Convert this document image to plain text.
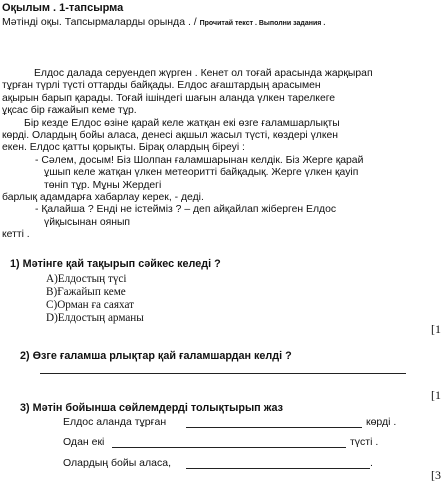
Оқылым . 1-тапсырма
Мәтінді оқы. Тапсырмаларды орында . / Прочитай текст . Выполни задания .
Елдос далада серуендеп жүрген . Кенет ол тоғай арасында жарқырап
тұрған түрлі түсті оттарды байқады. Елдос ағаштардың арасымен
ақырын барып қарады. Тоғай ішіндегі шағын аланда үлкен тарелкеге
ұқсас бір ғажайып кеме тұр.
Бір кезде Елдос өзіне қарай келе жатқан екі өзге ғаламшарлықты
көрді. Олардың бойы аласа, денесі ақшыл жасыл түсті, көздері үлкен
екен. Елдос қатты қорықты. Бірақ олардың біреуі :
- Сәлем, досым! Біз Шолпан ғаламшарынан келдік. Біз Жерге қарай
ұшып келе жатқан үлкен метеоритті байқадық. Жерге үлкен қауіп
төніп тұр. Мұны Жердегі
барлық адамдарға хабарлау керек, - деді.
- Қалайша ? Енді не істейміз ? – деп айқайлап жіберген Елдос
үйқысынан оянып
кетті .
1) Мәтінге қай тақырып сәйкес келеді ?
A)Елдостың түсі
B)Ғажайып кеме
C)Орман ға саяхат
D)Елдостың арманы
[1
2) Өзге ғаламша рлықтар қай ғаламшардан келді ?
[1
3) Мәтін бойынша сөйлемдерді толықтырып жаз
Елдос аланда тұрған	көрді .
Одан екі	түсті .
Олардың бойы аласа,	.
[3
